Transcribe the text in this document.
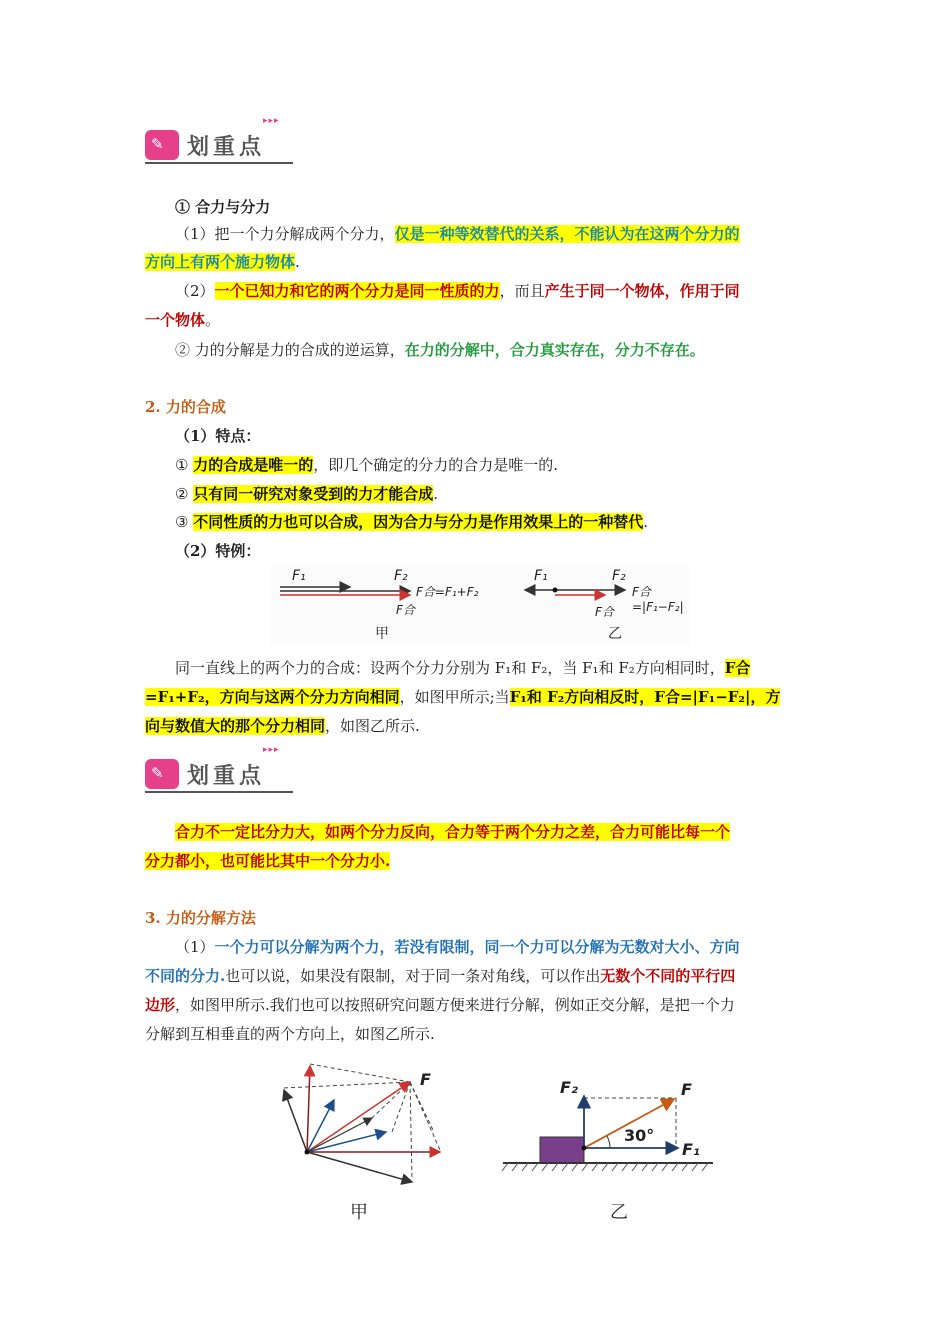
✎ 划重点
▸▸▸
① 合力与分力
（1）把一个力分解成两个分力，仅是一种等效替代的关系，不能认为在这两个分力的
方向上有两个施力物体.
（2）一个已知力和它的两个分力是同一性质的力，而且产生于同一个物体，作用于同
一个物体。
② 力的分解是力的合成的逆运算，在力的分解中，合力真实存在，分力不存在。
2. 力的合成
（1）特点：
① 力的合成是唯一的，即几个确定的分力的合力是唯一的.
② 只有同一研究对象受到的力才能合成.
③ 不同性质的力也可以合成，因为合力与分力是作用效果上的一种替代.
（2）特例：
F₁	F₂
F合=F₁+F₂
F合
甲
F₁	F₂
F合=|F₁−F₂|
F合
乙
同一直线上的两个力的合成：设两个分力分别为 F₁和 F₂，当 F₁和 F₂方向相同时，F合
=F₁+F₂，方向与这两个分力方向相同，如图甲所示;当F₁和 F₂方向相反时，F合=|F₁−F₂|，方
向与数值大的那个分力相同，如图乙所示.
✎ 划重点
▸▸▸
合力不一定比分力大，如两个分力反向，合力等于两个分力之差，合力可能比每一个
分力都小，也可能比其中一个分力小.
3. 力的分解方法
（1）一个力可以分解为两个力，若没有限制，同一个力可以分解为无数对大小、方向
不同的分力.也可以说，如果没有限制，对于同一条对角线，可以作出无数个不同的平行四
边形，如图甲所示.我们也可以按照研究问题方便来进行分解，例如正交分解，是把一个力
分解到互相垂直的两个方向上，如图乙所示.
F
甲
F₂	F
30°
F₁
乙
